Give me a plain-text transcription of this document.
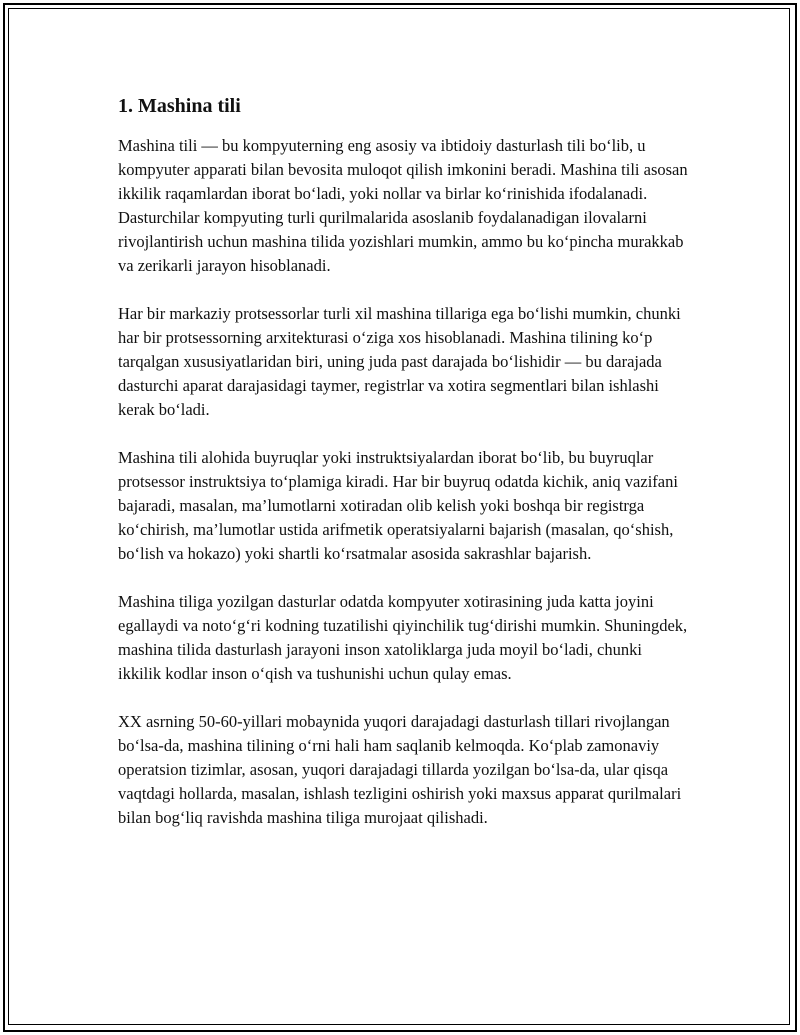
1. Mashina tili

Mashina tili — bu kompyuterning eng asosiy va ibtidoiy dasturlash tili bo‘lib, u kompyuter apparati bilan bevosita muloqot qilish imkonini beradi. Mashina tili asosan ikkilik raqamlardan iborat bo‘ladi, yoki nollar va birlar ko‘rinishida ifodalanadi. Dasturchilar kompyuting turli qurilmalarida asoslanib foydalanadigan ilovalarni rivojlantirish uchun mashina tilida yozishlari mumkin, ammo bu ko‘pincha murakkab va zerikarli jarayon hisoblanadi.

Har bir markaziy protsessorlar turli xil mashina tillariga ega bo‘lishi mumkin, chunki har bir protsessorning arxitekturasi o‘ziga xos hisoblanadi. Mashina tilining ko‘p tarqalgan xususiyatlaridan biri, uning juda past darajada bo‘lishidir — bu darajada dasturchi aparat darajasidagi taymer, registrlar va xotira segmentlari bilan ishlashi kerak bo‘ladi.

Mashina tili alohida buyruqlar yoki instruktsiyalardan iborat bo‘lib, bu buyruqlar protsessor instruktsiya to‘plamiga kiradi. Har bir buyruq odatda kichik, aniq vazifani bajaradi, masalan, ma’lumotlarni xotiradan olib kelish yoki boshqa bir registrga ko‘chirish, ma’lumotlar ustida arifmetik operatsiyalarni bajarish (masalan, qo‘shish, bo‘lish va hokazo) yoki shartli ko‘rsatmalar asosida sakrashlar bajarish.

Mashina tiliga yozilgan dasturlar odatda kompyuter xotirasining juda katta joyini egallaydi va noto‘g‘ri kodning tuzatilishi qiyinchilik tug‘dirishi mumkin. Shuningdek, mashina tilida dasturlash jarayoni inson xatoliklarga juda moyil bo‘ladi, chunki ikkilik kodlar inson o‘qish va tushunishi uchun qulay emas.

XX asrning 50-60-yillari mobaynida yuqori darajadagi dasturlash tillari rivojlangan bo‘lsa-da, mashina tilining o‘rni hali ham saqlanib kelmoqda. Ko‘plab zamonaviy operatsion tizimlar, asosan, yuqori darajadagi tillarda yozilgan bo‘lsa-da, ular qisqa vaqtdagi hollarda, masalan, ishlash tezligini oshirish yoki maxsus apparat qurilmalari bilan bog‘liq ravishda mashina tiliga murojaat qilishadi.
